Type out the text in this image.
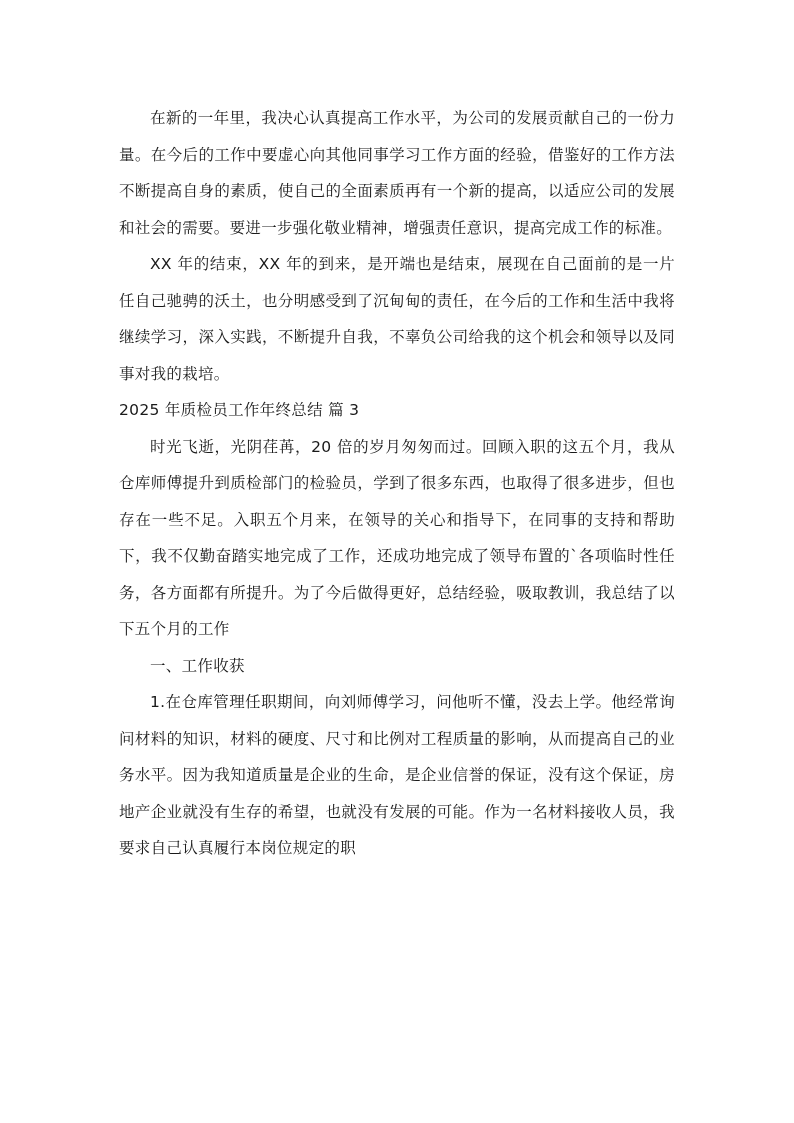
在新的一年里，我决心认真提高工作水平，为公司的发展贡献自己的一份力量。在今后的工作中要虚心向其他同事学习工作方面的经验，借鉴好的工作方法不断提高自身的素质，使自己的全面素质再有一个新的提高，以适应公司的发展和社会的需要。要进一步强化敬业精神，增强责任意识，提高完成工作的标准。

XX 年的结束，XX 年的到来，是开端也是结束，展现在自己面前的是一片任自己驰骋的沃土，也分明感受到了沉甸甸的责任，在今后的工作和生活中我将继续学习，深入实践，不断提升自我，不辜负公司给我的这个机会和领导以及同事对我的栽培。

2025 年质检员工作年终总结 篇 3

时光飞逝，光阴荏苒，20 倍的岁月匆匆而过。回顾入职的这五个月，我从仓库师傅提升到质检部门的检验员，学到了很多东西，也取得了很多进步，但也存在一些不足。入职五个月来，在领导的关心和指导下，在同事的支持和帮助下，我不仅勤奋踏实地完成了工作，还成功地完成了领导布置的`各项临时性任务，各方面都有所提升。为了今后做得更好，总结经验，吸取教训，我总结了以下五个月的工作

一、工作收获

1.在仓库管理任职期间，向刘师傅学习，问他听不懂，没去上学。他经常询问材料的知识，材料的硬度、尺寸和比例对工程质量的影响，从而提高自己的业务水平。因为我知道质量是企业的生命，是企业信誉的保证，没有这个保证，房地产企业就没有生存的希望，也就没有发展的可能。作为一名材料接收人员，我要求自己认真履行本岗位规定的职
